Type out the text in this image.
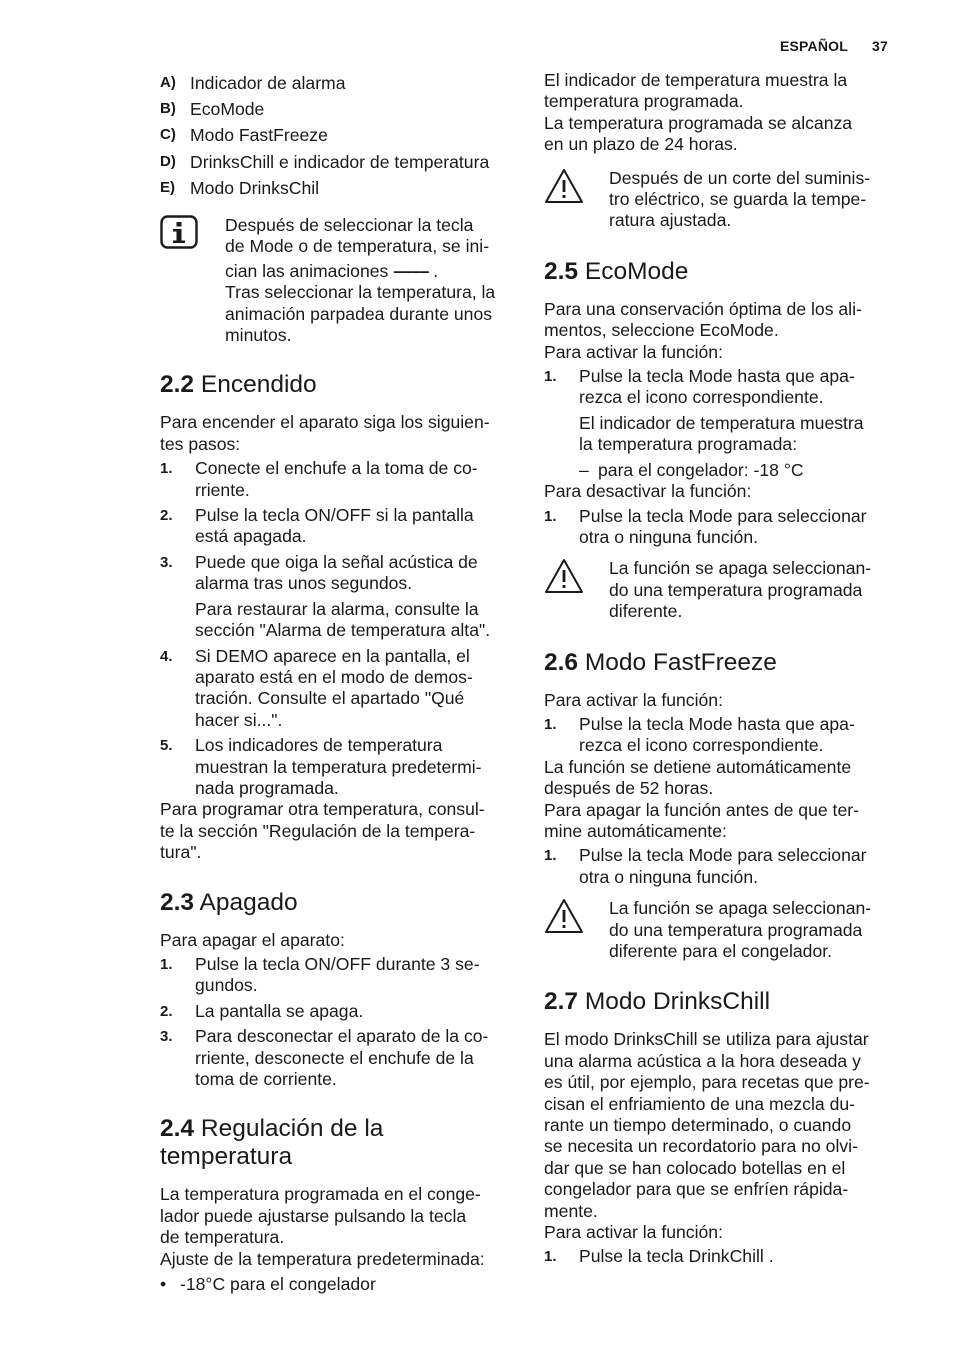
ESPAÑOL 37
A) Indicador de alarma
B) EcoMode
C) Modo FastFreeze
D) DrinksChill e indicador de temperatura
E) Modo DrinksChil

Después de seleccionar la tecla

de Mode o de temperatura, se ini-

cian las animaciones –––– .

Tras seleccionar la temperatura, la

animación parpadea durante unos

minutos.

2.2 Encendido

Para encender el aparato siga los siguien-

tes pasos:

1. Conecte el enchufe a la toma de co-
rriente.
2. Pulse la tecla ON/OFF si la pantalla
está apagada.
3. Puede que oiga la señal acústica de
alarma tras unos segundos.

Para restaurar la alarma, consulte la

sección "Alarma de temperatura alta".

4. Si DEMO aparece en la pantalla, el
aparato está en el modo de demos-
tración. Consulte el apartado "Qué
hacer si...".
5. Los indicadores de temperatura
muestran la temperatura predetermi-
nada programada.

Para programar otra temperatura, consul-

te la sección "Regulación de la tempera-

tura".

2.3 Apagado

Para apagar el aparato:

1. Pulse la tecla ON/OFF durante 3 se-
gundos.
2. La pantalla se apaga.
3. Para desconectar el aparato de la co-
rriente, desconecte el enchufe de la
toma de corriente.
2.4 Regulación de la
temperatura

La temperatura programada en el conge-

lador puede ajustarse pulsando la tecla

de temperatura.

Ajuste de la temperatura predeterminada:

• -18°C para el congelador

El indicador de temperatura muestra la

temperatura programada.

La temperatura programada se alcanza

en un plazo de 24 horas.

Después de un corte del suminis-

tro eléctrico, se guarda la tempe-

ratura ajustada.

2.5 EcoMode

Para una conservación óptima de los ali-

mentos, seleccione EcoMode.

Para activar la función:

1. Pulse la tecla Mode hasta que apa-
rezca el icono correspondiente.

El indicador de temperatura muestra

la temperatura programada:

– para el congelador: -18 °C

Para desactivar la función:

1. Pulse la tecla Mode para seleccionar
otra o ninguna función.

La función se apaga seleccionan-

do una temperatura programada

diferente.

2.6 Modo FastFreeze

Para activar la función:

1. Pulse la tecla Mode hasta que apa-
rezca el icono correspondiente.

La función se detiene automáticamente

después de 52 horas.

Para apagar la función antes de que ter-

mine automáticamente:

1. Pulse la tecla Mode para seleccionar
otra o ninguna función.

La función se apaga seleccionan-

do una temperatura programada

diferente para el congelador.

2.7 Modo DrinksChill

El modo DrinksChill se utiliza para ajustar

una alarma acústica a la hora deseada y

es útil, por ejemplo, para recetas que pre-

cisan el enfriamiento de una mezcla du-

rante un tiempo determinado, o cuando

se necesita un recordatorio para no olvi-

dar que se han colocado botellas en el

congelador para que se enfríen rápida-

mente.

Para activar la función:

1. Pulse la tecla DrinkChill .
